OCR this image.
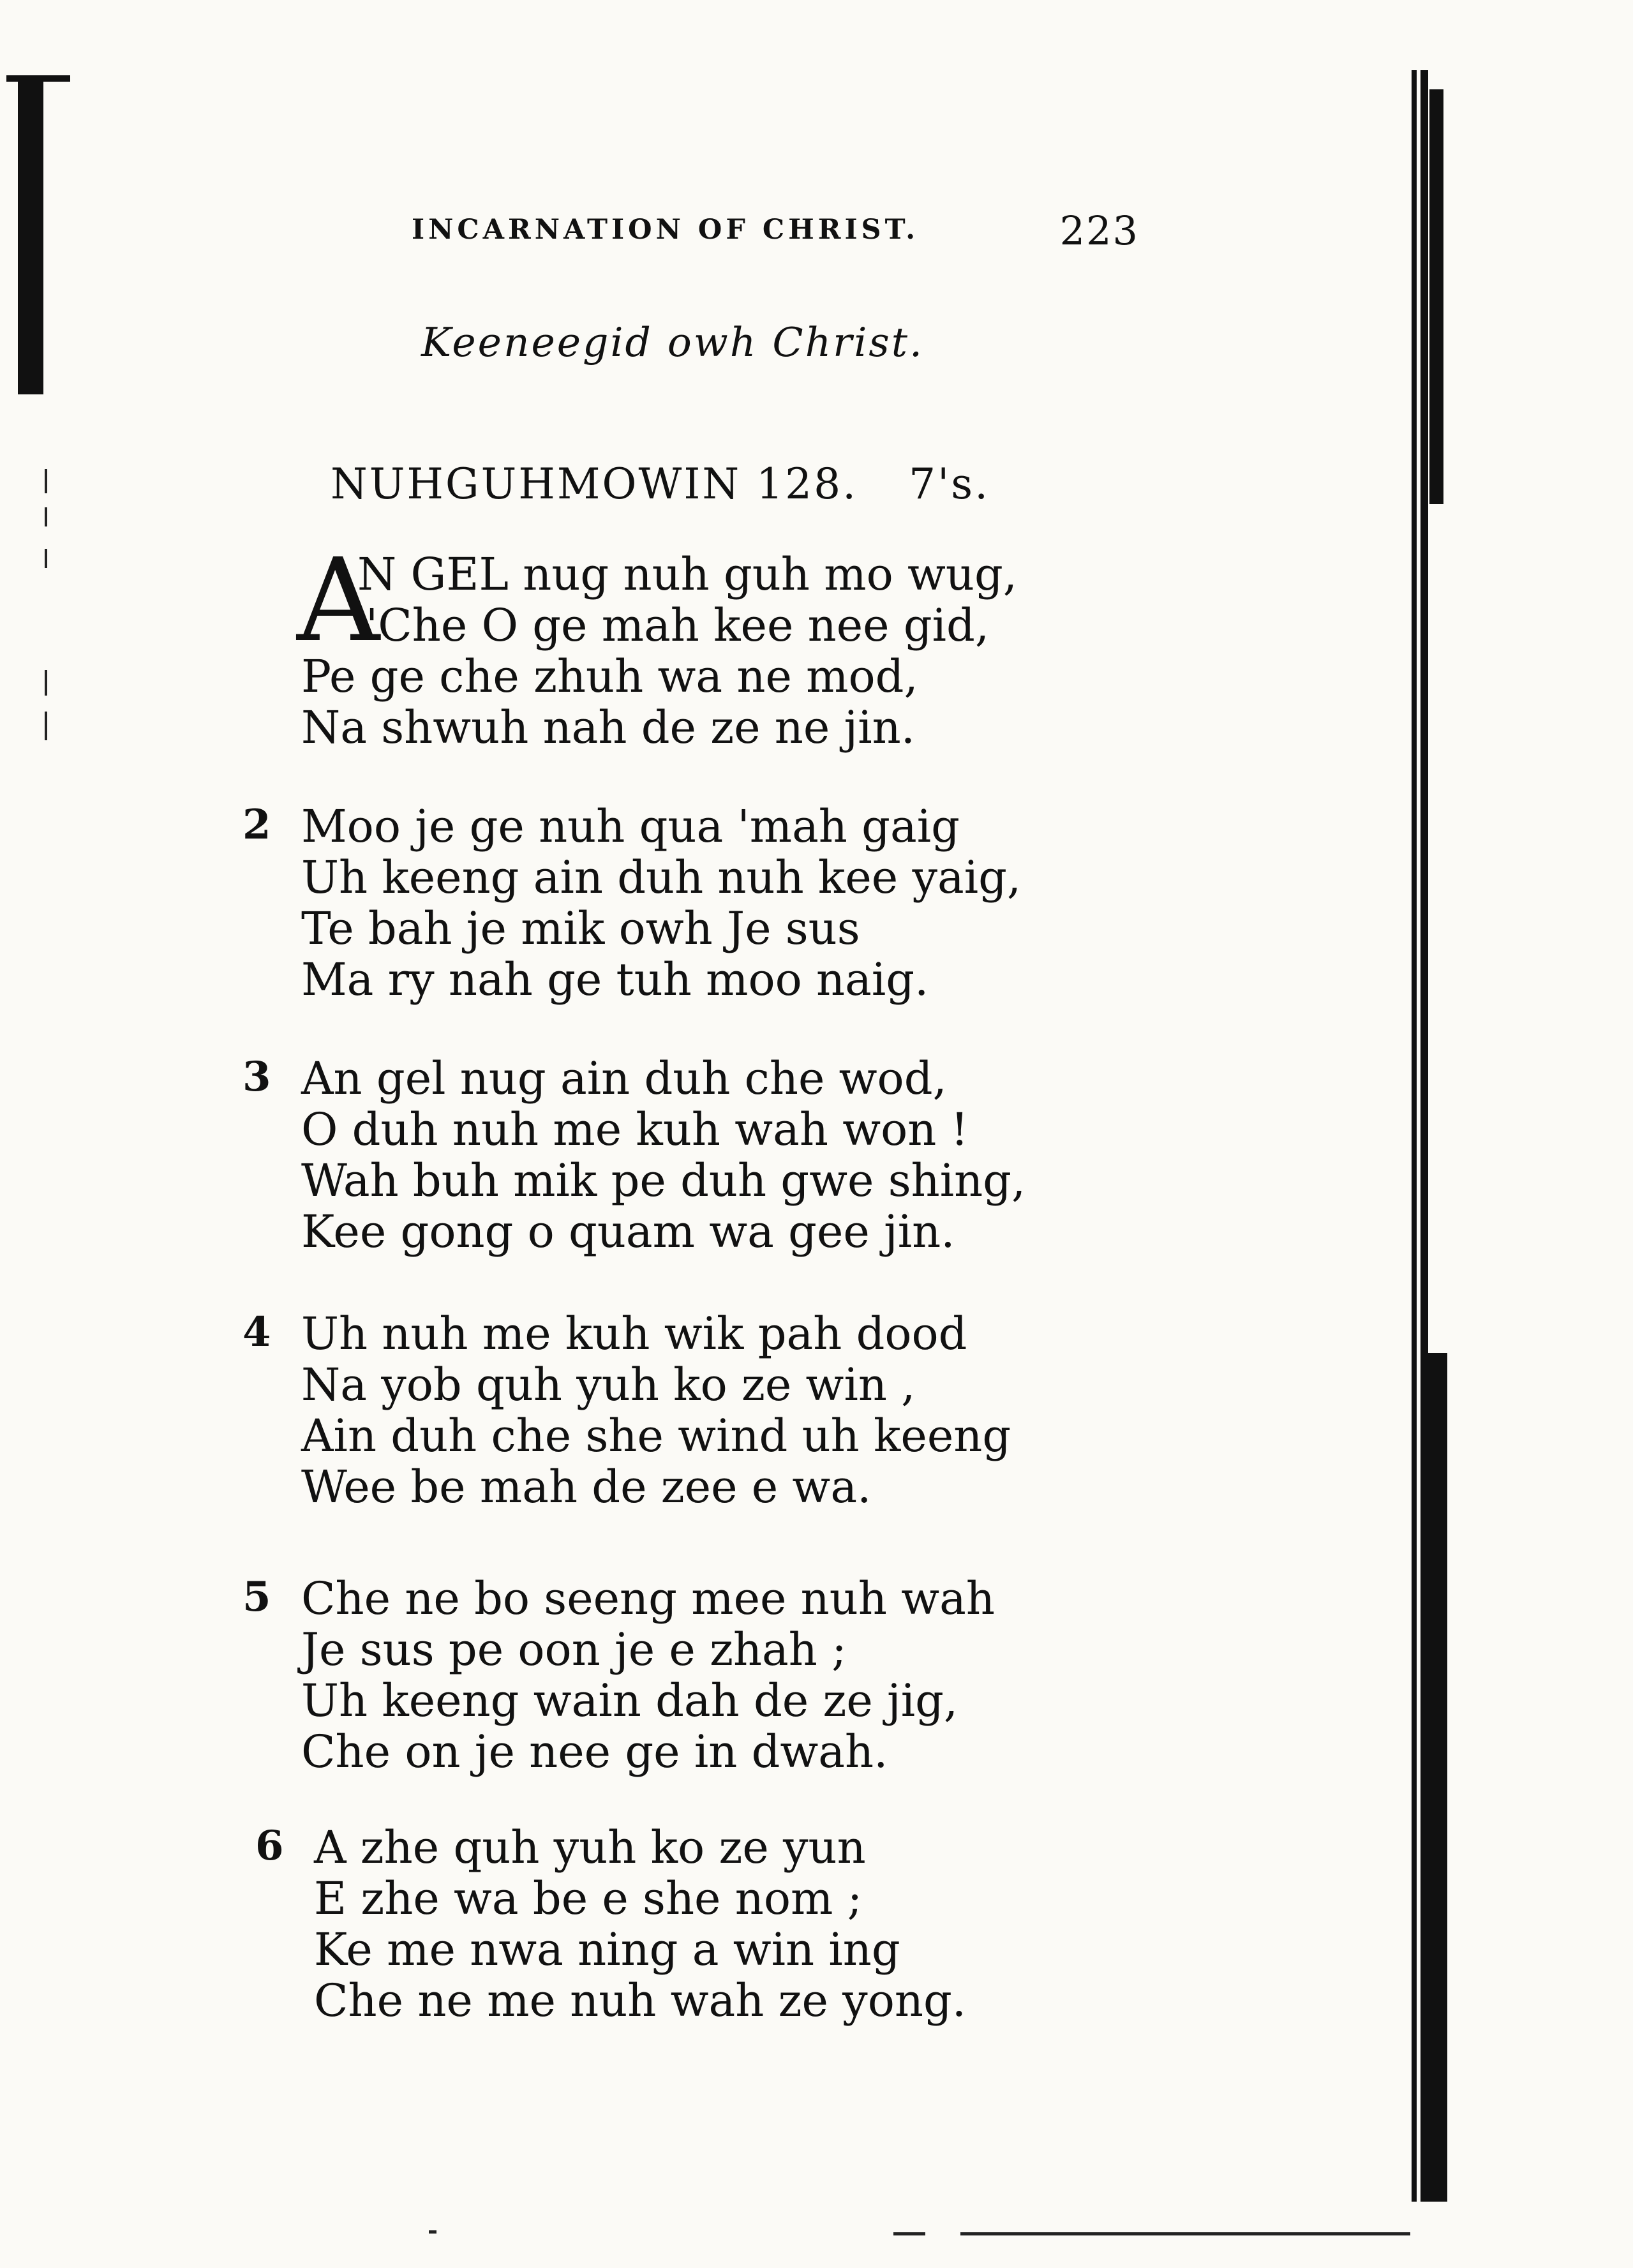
INCARNATION OF CHRIST.	223
Keeneegid owh Christ.
NUHGUHMOWIN 128. 7's.
A
N GEL nug nuh guh mo wug,
'Che O ge mah kee nee gid,
Pe ge che zhuh wa ne mod,
Na shwuh nah de ze ne jin.
2 Moo je ge nuh qua 'mah gaig
Uh keeng ain duh nuh kee yaig,
Te bah je mik owh Je sus
Ma ry nah ge tuh moo naig.
3 An gel nug ain duh che wod,
O duh nuh me kuh wah won !
Wah buh mik pe duh gwe shing,
Kee gong o quam wa gee jin.
4 Uh nuh me kuh wik pah dood
Na yob quh yuh ko ze win ,
Ain duh che she wind uh keeng
Wee be mah de zee e wa.
5 Che ne bo seeng mee nuh wah
Je sus pe oon je e zhah ;
Uh keeng wain dah de ze jig,
Che on je nee ge in dwah.
6 A zhe quh yuh ko ze yun
E zhe wa be e she nom ;
Ke me nwa ning a win ing
Che ne me nuh wah ze yong.
